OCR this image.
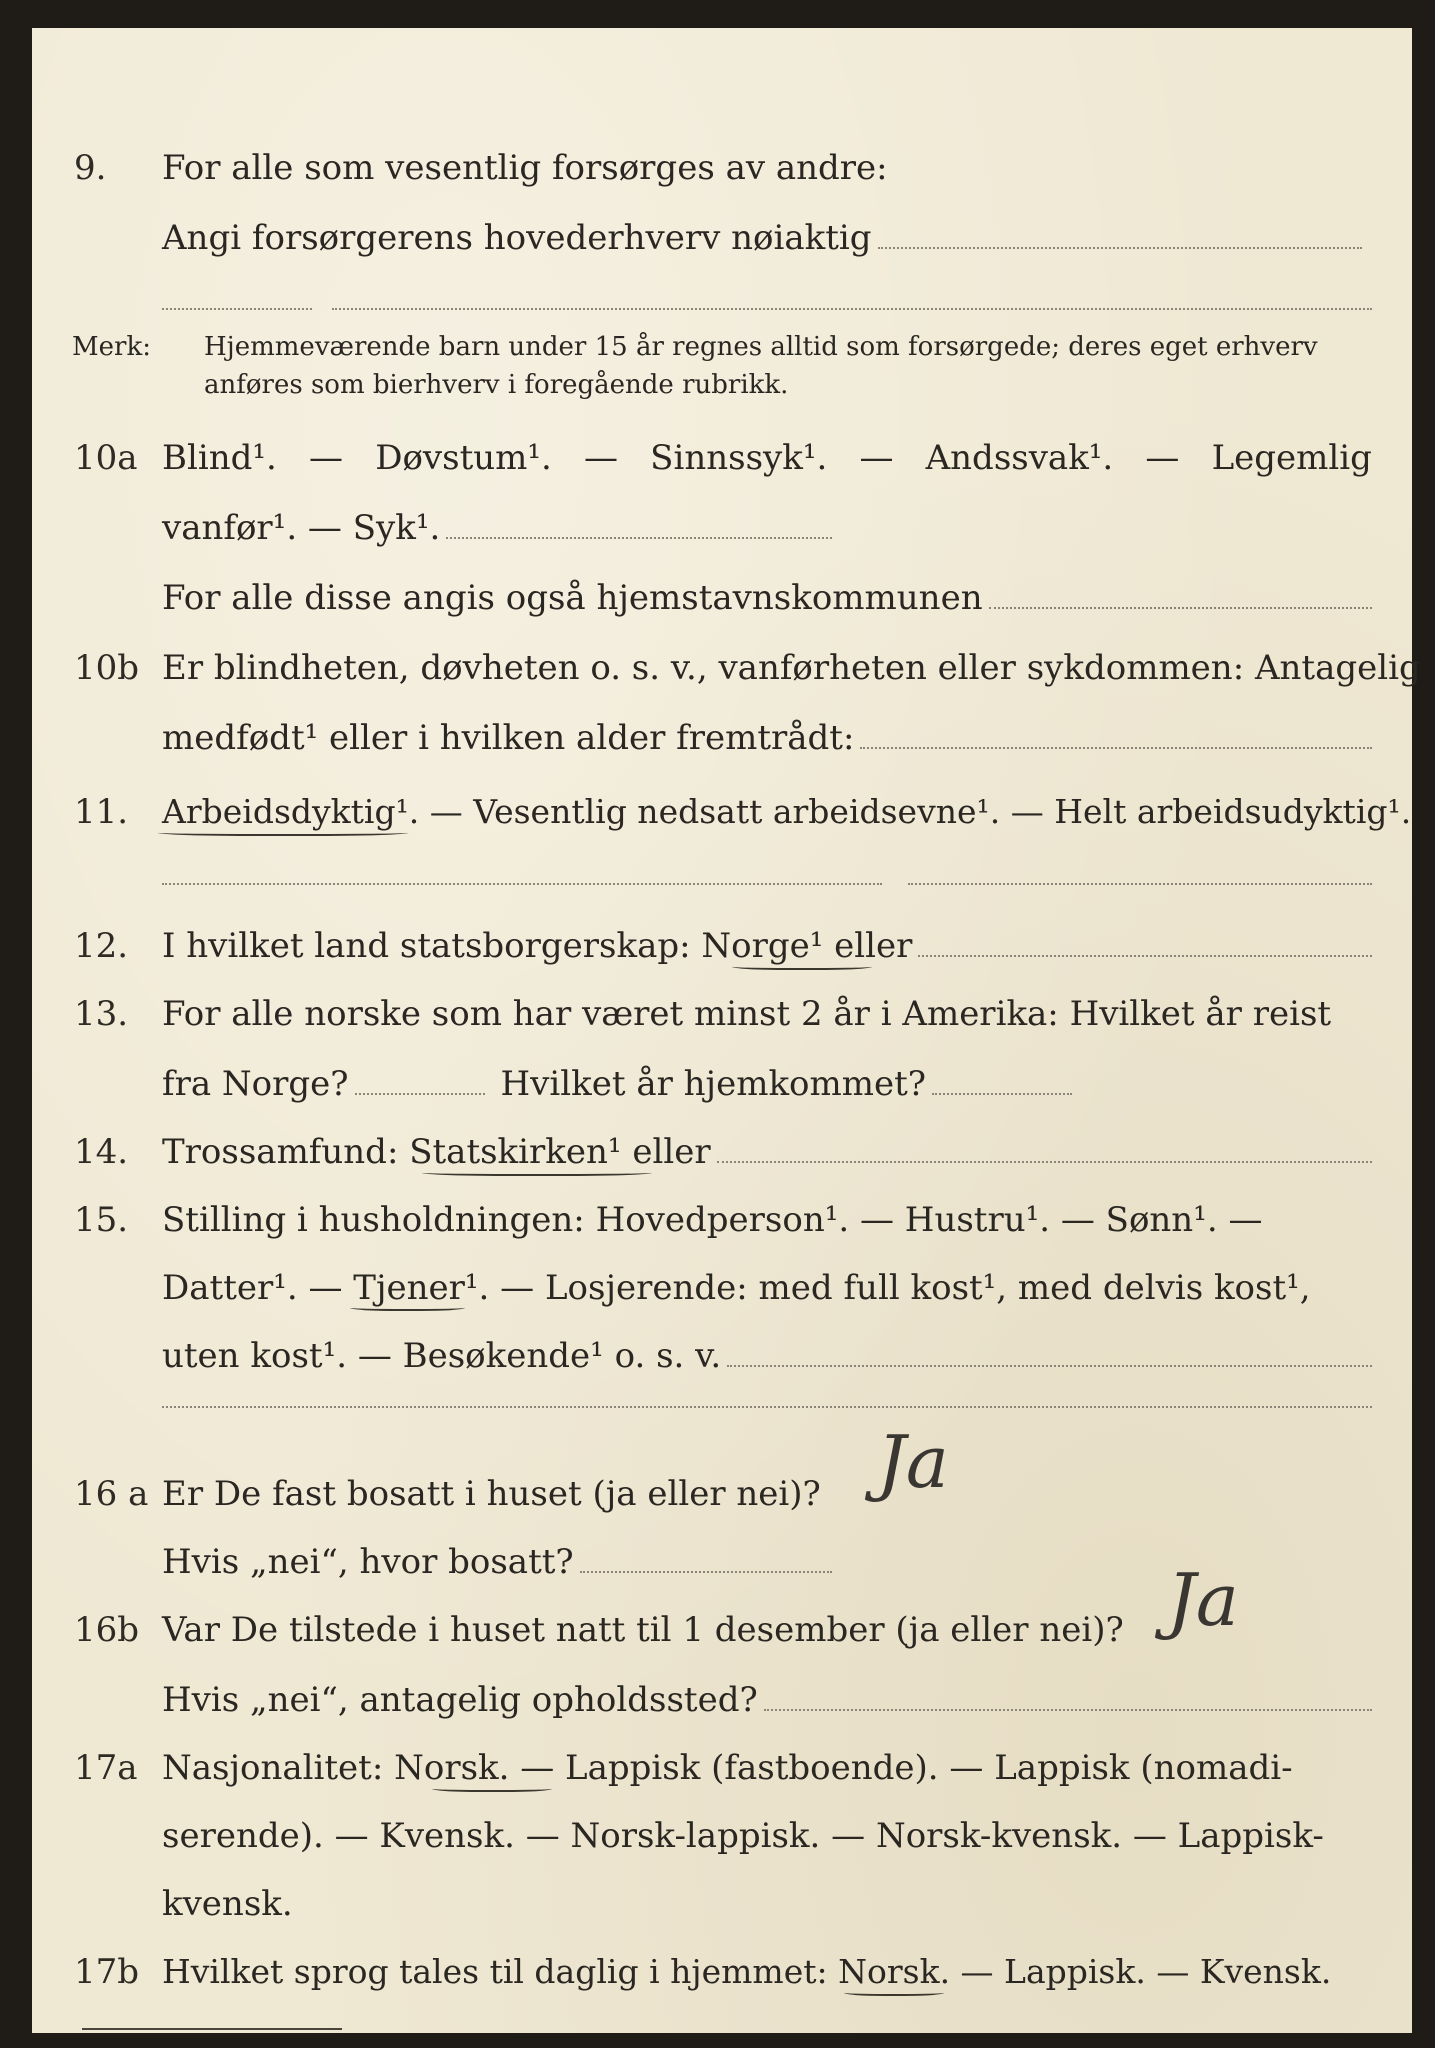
9. For alle som vesentlig forsørges av andre:
Angi forsørgerens hovederhverv nøiaktig
Merk: Hjemmeværende barn under 15 år regnes alltid som forsørgede; deres eget erhverv
anføres som bierhverv i foregående rubrikk.
10a Blind¹. — Døvstum¹. — Sinnssyk¹. — Andssvak¹. — Legemlig
vanfør¹. — Syk¹.
For alle disse angis også hjemstavnskommunen
10b Er blindheten, døvheten o. s. v., vanførheten eller sykdommen: Antagelig
medfødt¹ eller i hvilken alder fremtrådt:
11. Arbeidsdyktig¹. — Vesentlig nedsatt arbeidsevne¹. — Helt arbeidsudyktig¹.
12. I hvilket land statsborgerskap: Norge¹ eller
13. For alle norske som har været minst 2 år i Amerika: Hvilket år reist
fra Norge?	Hvilket år hjemkommet?
14. Trossamfund: Statskirken¹ eller
15. Stilling i husholdningen: Hovedperson¹. — Hustru¹. — Sønn¹. —
Datter¹. — Tjener¹. — Losjerende: med full kost¹, med delvis kost¹,
uten kost¹. — Besøkende¹ o. s. v.
16 a Er De fast bosatt i huset (ja eller nei)? Ja
Hvis „nei“, hvor bosatt?
16b Var De tilstede i huset natt til 1 desember (ja eller nei)? Ja
Hvis „nei“, antagelig opholdssted?
17a Nasjonalitet: Norsk. — Lappisk (fastboende). — Lappisk (nomadi-
serende). — Kvensk. — Norsk-lappisk. — Norsk-kvensk. — Lappisk-
kvensk.
17b Hvilket sprog tales til daglig i hjemmet: Norsk. — Lappisk. — Kvensk.
